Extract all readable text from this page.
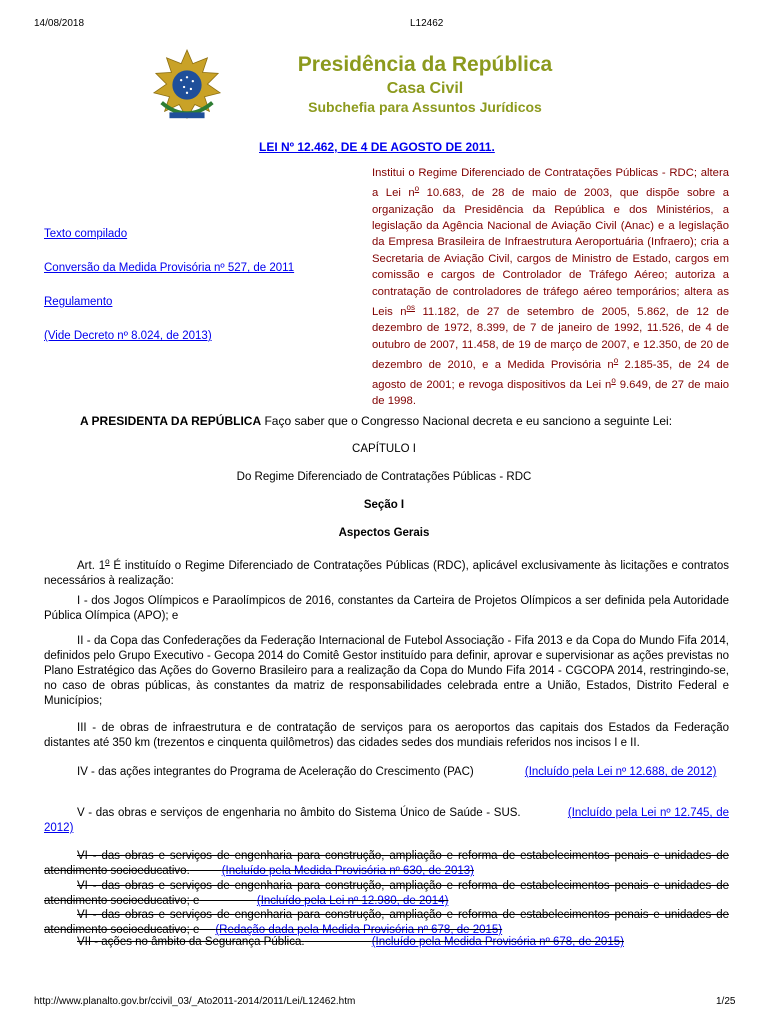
14/08/2018	L12462
Presidência da República
Casa Civil
Subchefia para Assuntos Jurídicos
LEI Nº 12.462, DE 4 DE AGOSTO DE 2011.
Institui o Regime Diferenciado de Contratações Públicas - RDC; altera a Lei $n^o$ 10.683, de 28 de maio de 2003, que dispõe sobre a organização da Presidência da República e dos Ministérios, a legislação da Agência Nacional de Aviação Civil (Anac) e a legislação da Empresa Brasileira de Infraestrutura Aeroportuária (Infraero); cria a Secretaria de Aviação Civil, cargos de Ministro de Estado, cargos em comissão e cargos de Controlador de Tráfego Aéreo; autoriza a contratação de controladores de tráfego aéreo temporários; altera as Leis $n^{os}$ 11.182, de 27 de setembro de 2005, 5.862, de 12 de dezembro de 1972, 8.399, de 7 de janeiro de 1992, 11.526, de 4 de outubro de 2007, 11.458, de 19 de março de 2007, e 12.350, de 20 de dezembro de 2010, e a Medida Provisória $n^o$ 2.185-35, de 24 de agosto de 2001; e revoga dispositivos da Lei $n^o$ 9.649, de 27 de maio de 1998.
Texto compilado
Conversão da Medida Provisória nº 527, de 2011
Regulamento
(Vide Decreto nº 8.024, de 2013)
A PRESIDENTA DA REPÚBLICA Faço saber que o Congresso Nacional decreta e eu sanciono a seguinte Lei:
CAPÍTULO I
Do Regime Diferenciado de Contratações Públicas - RDC
Seção I
Aspectos Gerais
Art. 1$^o$ É instituído o Regime Diferenciado de Contratações Públicas (RDC), aplicável exclusivamente às licitações e contratos necessários à realização:
I - dos Jogos Olímpicos e Paraolímpicos de 2016, constantes da Carteira de Projetos Olímpicos a ser definida pela Autoridade Pública Olímpica (APO); e
II - da Copa das Confederações da Federação Internacional de Futebol Associação - Fifa 2013 e da Copa do Mundo Fifa 2014, definidos pelo Grupo Executivo - Gecopa 2014 do Comitê Gestor instituído para definir, aprovar e supervisionar as ações previstas no Plano Estratégico das Ações do Governo Brasileiro para a realização da Copa do Mundo Fifa 2014 - CGCOPA 2014, restringindo-se, no caso de obras públicas, às constantes da matriz de responsabilidades celebrada entre a União, Estados, Distrito Federal e Municípios;
III - de obras de infraestrutura e de contratação de serviços para os aeroportos das capitais dos Estados da Federação distantes até 350 km (trezentos e cinquenta quilômetros) das cidades sedes dos mundiais referidos nos incisos I e II.
IV - das ações integrantes do Programa de Aceleração do Crescimento (PAC)	(Incluído pela Lei nº 12.688, de 2012)
V - das obras e serviços de engenharia no âmbito do Sistema Único de Saúde - SUS.	(Incluído pela Lei nº 12.745, de 2012)
VI - das obras e serviços de engenharia para construção, ampliação e reforma de estabelecimentos penais e unidades de atendimento socioeducativo.	(Incluído pela Medida Provisória nº 630, de 2013)
VI - das obras e serviços de engenharia para construção, ampliação e reforma de estabelecimentos penais e unidades de atendimento socioeducativo; e	(Incluído pela Lei nº 12.980, de 2014)
VI - das obras e serviços de engenharia para construção, ampliação e reforma de estabelecimentos penais e unidades de atendimento socioeducativo; e (Redação dada pela Medida Provisória nº 678, de 2015)
VII - ações no âmbito da Segurança Pública.	(Incluído pela Medida Provisória nº 678, de 2015)
http://www.planalto.gov.br/ccivil_03/_Ato2011-2014/2011/Lei/L12462.htm	1/25
